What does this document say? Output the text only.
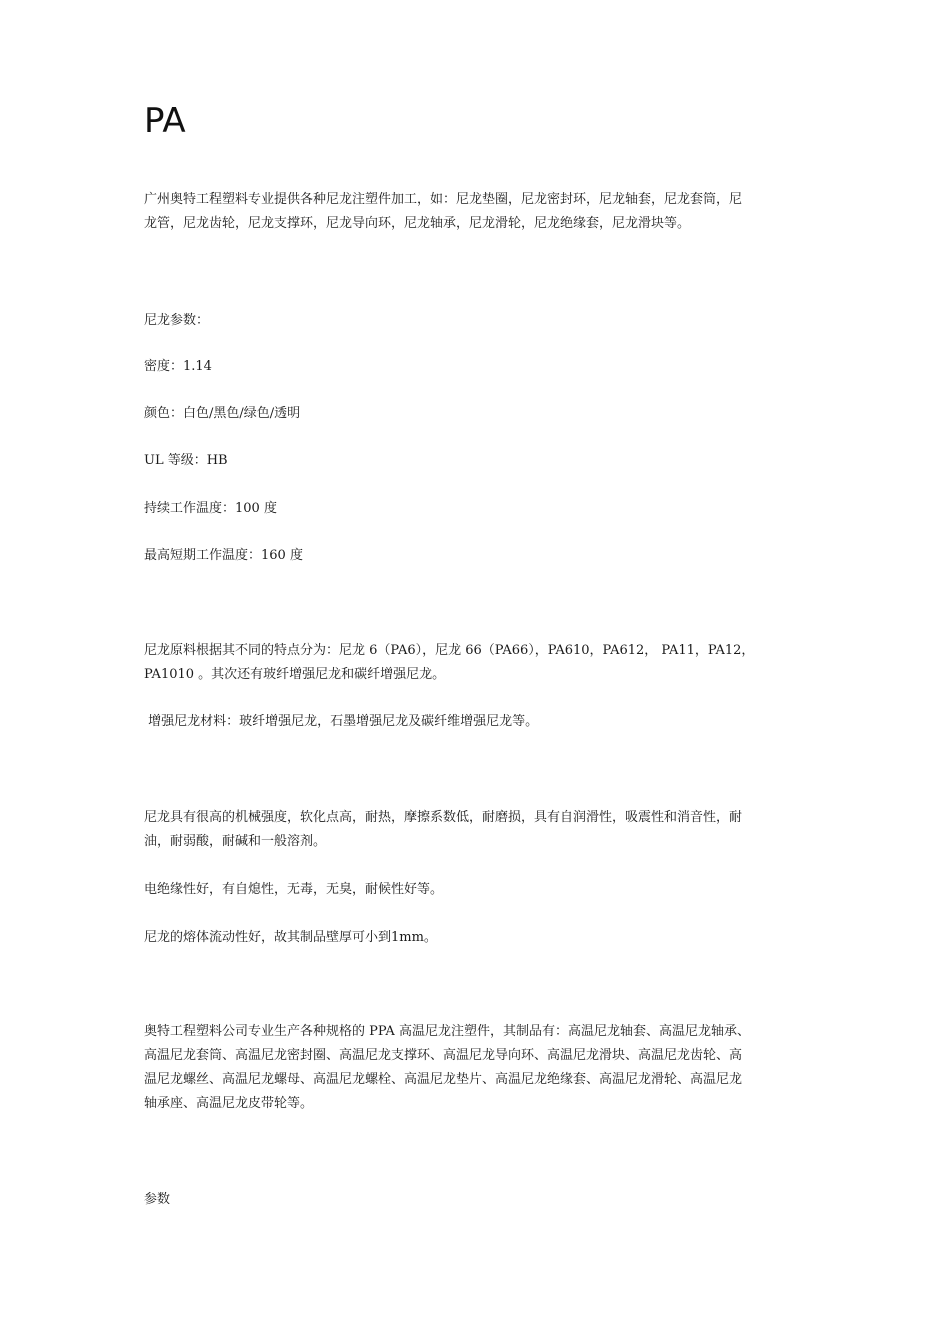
PA

广州奥特工程塑料专业提供各种尼龙注塑件加工，如：尼龙垫圈，尼龙密封环，尼龙轴套，尼龙套筒，尼
龙管，尼龙齿轮，尼龙支撑环，尼龙导向环，尼龙轴承，尼龙滑轮，尼龙绝缘套，尼龙滑块等。

尼龙参数：

密度：1.14

颜色：白色/黑色/绿色/透明

UL 等级：HB

持续工作温度：100 度

最高短期工作温度：160 度

尼龙原料根据其不同的特点分为：尼龙 6（PA6），尼龙 66（PA66），PA610，PA612， PA11，PA12，
PA1010 。其次还有玻纤增强尼龙和碳纤增强尼龙。

增强尼龙材料：玻纤增强尼龙，石墨增强尼龙及碳纤维增强尼龙等。

尼龙具有很高的机械强度，软化点高，耐热，摩擦系数低，耐磨损，具有自润滑性，吸震性和消音性，耐
油，耐弱酸，耐碱和一般溶剂。

电绝缘性好，有自熄性，无毒，无臭，耐候性好等。

尼龙的熔体流动性好，故其制品壁厚可小到1mm。

奥特工程塑料公司专业生产各种规格的 PPA 高温尼龙注塑件，其制品有：高温尼龙轴套、高温尼龙轴承、
高温尼龙套筒、高温尼龙密封圈、高温尼龙支撑环、高温尼龙导向环、高温尼龙滑块、高温尼龙齿轮、高
温尼龙螺丝、高温尼龙螺母、高温尼龙螺栓、高温尼龙垫片、高温尼龙绝缘套、高温尼龙滑轮、高温尼龙
轴承座、高温尼龙皮带轮等。

参数
